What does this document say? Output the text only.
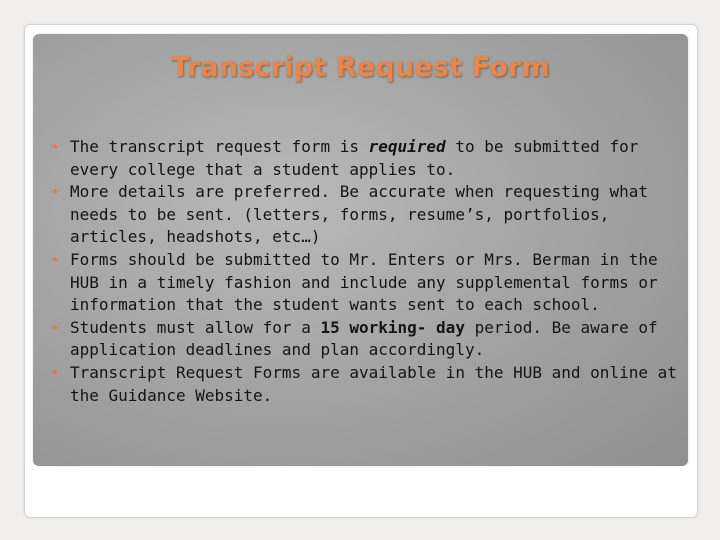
Transcript Request Form
❧ The transcript request form is required to be submitted for every college that a student applies to.
❧ More details are preferred. Be accurate when requesting what needs to be sent. (letters, forms, resume’s, portfolios, articles, headshots, etc…)
❧ Forms should be submitted to Mr. Enters or Mrs. Berman in the HUB in a timely fashion and include any supplemental forms or information that the student wants sent to each school.
❧ Students must allow for a 15 working- day period. Be aware of application deadlines and plan accordingly.
❧ Transcript Request Forms are available in the HUB and online at the Guidance Website.
